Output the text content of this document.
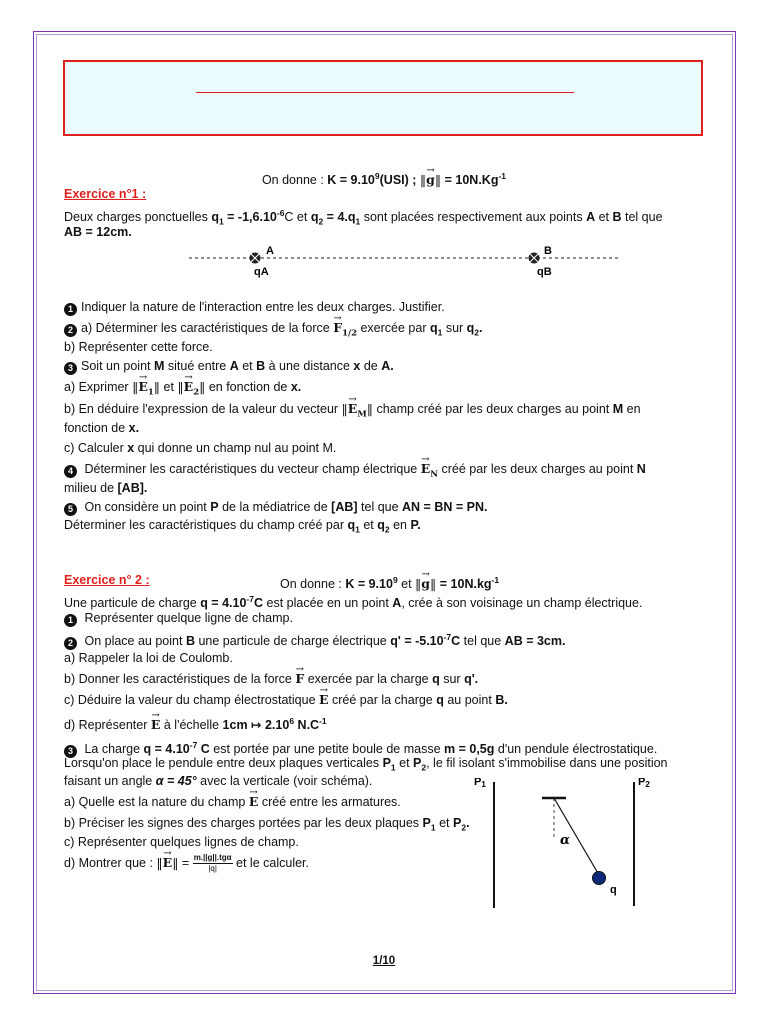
On donne : $K = 9.10^9(USI)$ ; ‖→ g‖ = $10N.Kg^{-1}$
Exercice n°1 :
Deux charges ponctuelles $q_1 = -1,6.10^{-6}C$ et $q_2 = 4.q_1$ sont placées respectivement aux points A et B tel que
AB = 12cm.
A	B
qA	qB
1 Indiquer la nature de l'interaction entre les deux charges. Justifier.
2 a) Déterminer les caractéristiques de la force → $F_{1/2}$ exercée par $q_1$ sur $q_2$.
b) Représenter cette force.
3 Soit un point M situé entre A et B à une distance x de A.
a) Exprimer ‖→ $E_1‖$ et ‖→ $E_2‖$ en fonction de x.
b) En déduire l'expression de la valeur du vecteur ‖→ $E_M‖$ champ créé par les deux charges au point M en
fonction de x.
c) Calculer x qui donne un champ nul au point M.
4 Déterminer les caractéristiques du vecteur champ électrique → $E_N$ créé par les deux charges au point N
milieu de [AB].
5 On considère un point P de la médiatrice de [AB] tel que AN = BN = PN.
Déterminer les caractéristiques du champ créé par $q_1$ et $q_2$ en P.
Exercice n° 2 :	On donne : $K = 9.10^9$ et ‖→ g‖ = $10N.kg^{-1}$
Une particule de charge $q = 4.10^{-7}C$ est placée en un point A, crée à son voisinage un champ électrique.
1 Représenter quelque ligne de champ.
2 On place au point B une particule de charge électrique $q' = -5.10^{-7}C$ tel que AB = 3cm.
a) Rappeler la loi de Coulomb.
b) Donner les caractéristiques de la force → F exercée par la charge q sur q'.
c) Déduire la valeur du champ électrostatique → E créé par la charge q au point B.
d) Représenter → E à l'échelle 1cm ↦ 2.10$^6$ $N.C^{-1}$
3 La charge $q = 4.10^{-7}$ C est portée par une petite boule de masse m = 0,5g d'un pendule électrostatique.
Lorsqu'on place le pendule entre deux plaques verticales $P_1$ et $P_2$, le fil isolant s'immobilise dans une position
faisant un angle α = 45° avec la verticale (voir schéma).
a) Quelle est la nature du champ → E créé entre les armatures.
b) Préciser les signes des charges portées par les deux plaques $P_1$ et $P_2$.
c) Représenter quelques lignes de champ.
d) Montrer que : ‖→ E‖ = $\frac{\text{m.||g||.tgα}}{|q|}$ et le calculer.
P1	P2
α
q
1/10
